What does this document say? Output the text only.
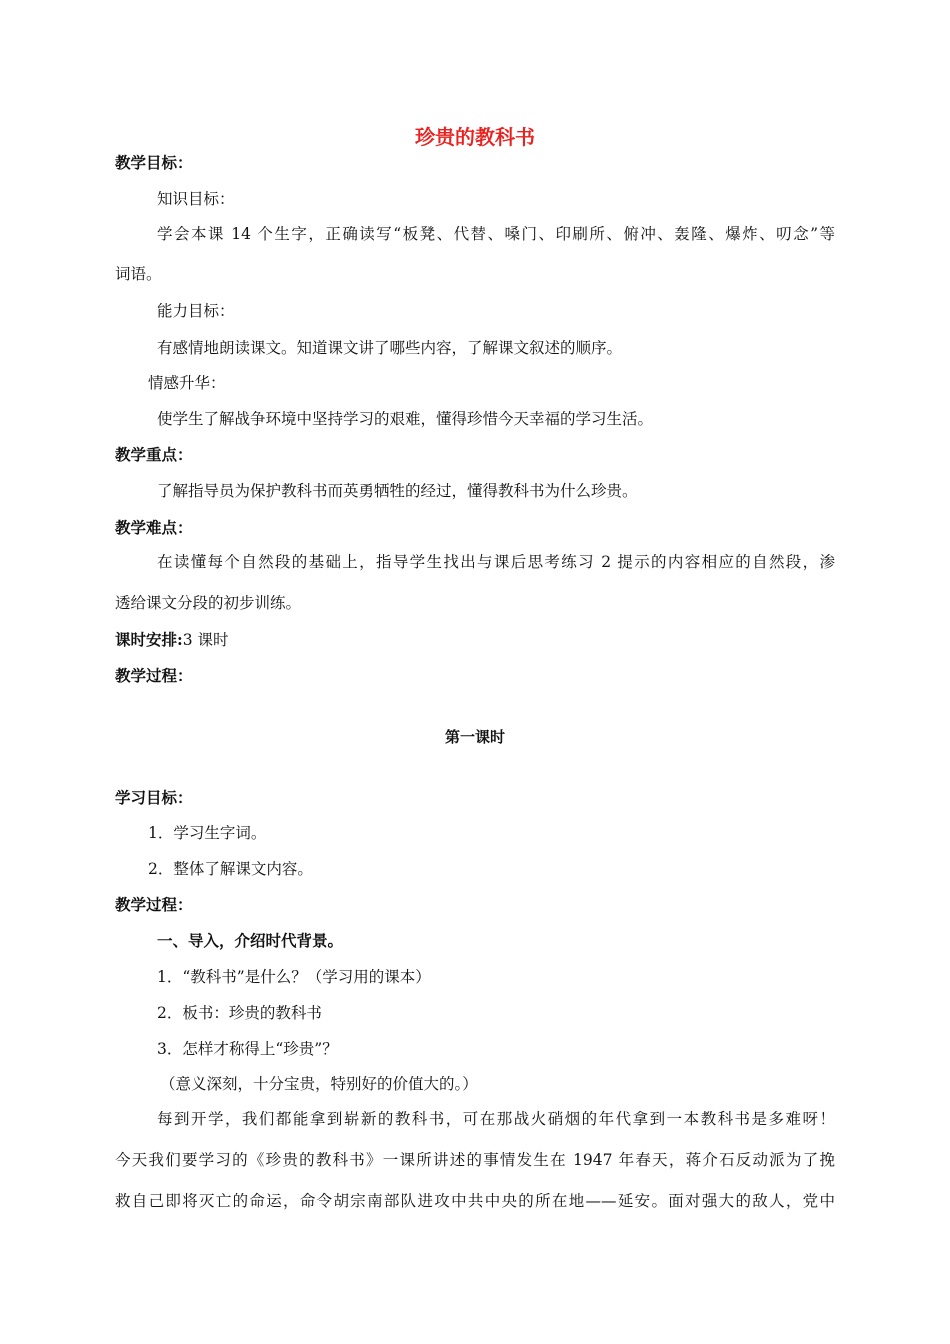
珍贵的教科书
教学目标：
知识目标：
学会本课 14 个生字，正确读写“板凳、代替、嗓门、印刷所、俯冲、轰隆、爆炸、叨念”等
词语。
能力目标：
有感情地朗读课文。知道课文讲了哪些内容，了解课文叙述的顺序。
情感升华：
使学生了解战争环境中坚持学习的艰难，懂得珍惜今天幸福的学习生活。
教学重点：
了解指导员为保护教科书而英勇牺牲的经过，懂得教科书为什么珍贵。
教学难点：
在读懂每个自然段的基础上，指导学生找出与课后思考练习 2 提示的内容相应的自然段，渗
透给课文分段的初步训练。
课时安排:3 课时
教学过程：
第一课时
学习目标：
1．学习生字词。
2．整体了解课文内容。
教学过程：
一、导入，介绍时代背景。
1．“教科书”是什么？（学习用的课本）
2．板书：珍贵的教科书
3．怎样才称得上“珍贵”？
（意义深刻，十分宝贵，特别好的价值大的。）
每到开学，我们都能拿到崭新的教科书，可在那战火硝烟的年代拿到一本教科书是多难呀！
今天我们要学习的《珍贵的教科书》一课所讲述的事情发生在 1947 年春天，蒋介石反动派为了挽
救自己即将灭亡的命运，命令胡宗南部队进攻中共中央的所在地——延安。面对强大的敌人，党中
